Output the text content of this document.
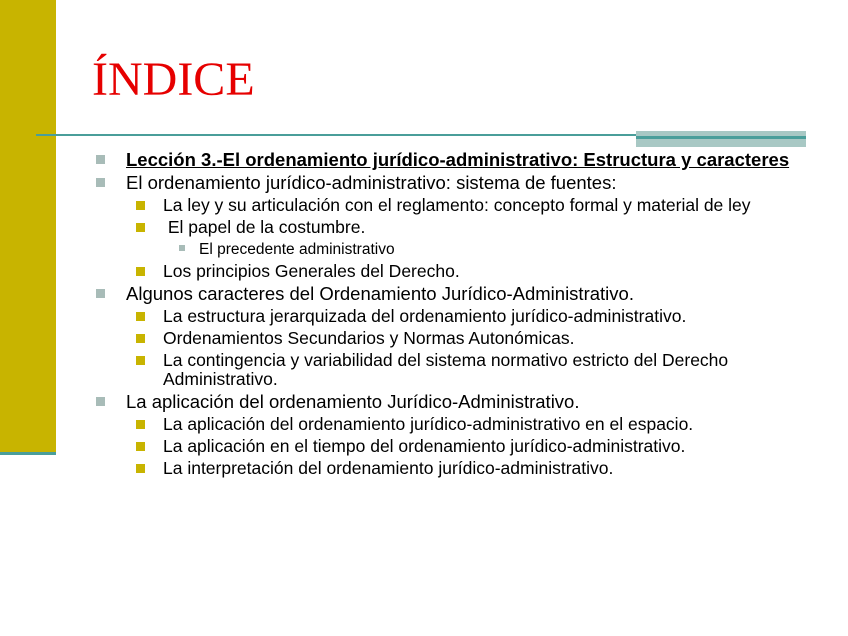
ÍNDICE
Lección 3.-El ordenamiento jurídico-administrativo: Estructura y caracteres
El ordenamiento jurídico-administrativo: sistema de fuentes:
La ley y su articulación con el reglamento: concepto formal y material de ley
El papel de la costumbre.
El precedente administrativo
Los principios Generales del Derecho.
Algunos caracteres del Ordenamiento Jurídico-Administrativo.
La estructura jerarquizada del ordenamiento jurídico-administrativo.
Ordenamientos Secundarios y Normas Autonómicas.
La contingencia y variabilidad del sistema normativo estricto del Derecho Administrativo.
La aplicación del ordenamiento Jurídico-Administrativo.
La aplicación del ordenamiento jurídico-administrativo en el espacio.
La aplicación en el tiempo del ordenamiento jurídico-administrativo.
La interpretación del ordenamiento jurídico-administrativo.
